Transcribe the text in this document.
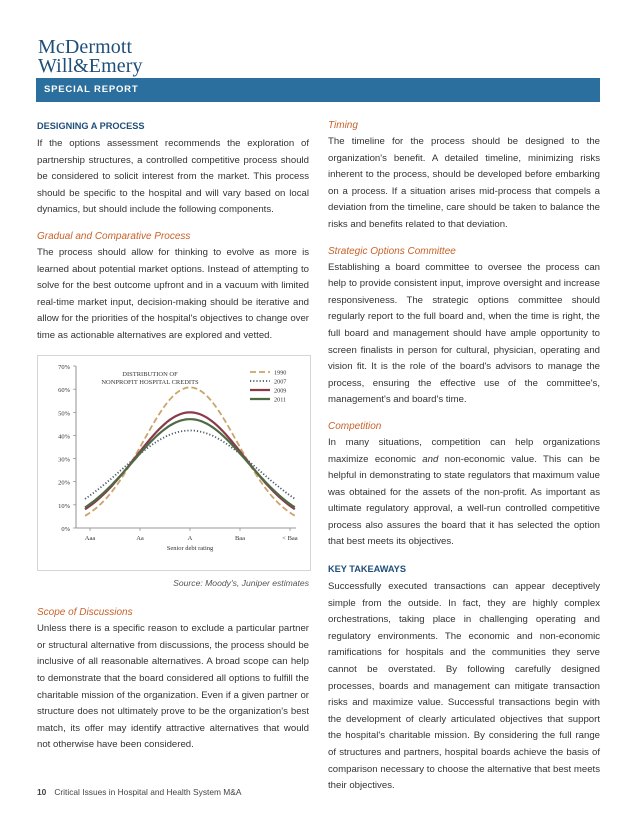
McDermott
Will&Emery
SPECIAL REPORT
DESIGNING A PROCESS

If the options assessment recommends the exploration of partnership structures, a controlled competitive process should be considered to solicit interest from the market. This process should be specific to the hospital and will vary based on local dynamics, but should include the following components.

Gradual and Comparative Process

The process should allow for thinking to evolve as more is learned about potential market options. Instead of attempting to solve for the best outcome upfront and in a vacuum with limited real-time market input, decision-making should be iterative and allow for the priorities of the hospital's objectives to change over time as actionable alternatives are explored and vetted.

0%
10%
20%
30%
40%
50%
60%
70%
Aaa	Aa	A	Baa	< Baa
Senior debt rating
DISTRIBUTION OF
NONPROFIT HOSPITAL CREDITS
1990
2007
2009
2011
Source: Moody's, Juniper estimates
Scope of Discussions

Unless there is a specific reason to exclude a particular partner or structural alternative from discussions, the process should be inclusive of all reasonable alternatives. A broad scope can help to demonstrate that the board considered all options to fulfill the charitable mission of the organization. Even if a given partner or structure does not ultimately prove to be the organization's best match, its offer may identify attractive alternatives that would not otherwise have been considered.

Timing

The timeline for the process should be designed to the organization's benefit. A detailed timeline, minimizing risks inherent to the process, should be developed before embarking on a process. If a situation arises mid-process that compels a deviation from the timeline, care should be taken to balance the risks and benefits related to that deviation.

Strategic Options Committee

Establishing a board committee to oversee the process can help to provide consistent input, improve oversight and increase responsiveness. The strategic options committee should regularly report to the full board and, when the time is right, the full board and management should have ample opportunity to screen finalists in person for cultural, physician, operating and vision fit. It is the role of the board's advisors to manage the process, ensuring the effective use of the committee's, management's and board's time.

Competition

In many situations, competition can help organizations maximize economic and non-economic value. This can be helpful in demonstrating to state regulators that maximum value was obtained for the assets of the non-profit. As important as ultimate regulatory approval, a well-run controlled competitive process also assures the board that it has selected the option that best meets its objectives.

KEY TAKEAWAYS

Successfully executed transactions can appear deceptively simple from the outside. In fact, they are highly complex orchestrations, taking place in challenging operating and regulatory environments. The economic and non-economic ramifications for hospitals and the communities they serve cannot be overstated. By following carefully designed processes, boards and management can mitigate transaction risks and maximize value. Successful transactions begin with the development of clearly articulated objectives that support the hospital's charitable mission. By considering the full range of structures and partners, hospital boards achieve the basis of comparison necessary to choose the alternative that best meets their objectives.

10 Critical Issues in Hospital and Health System M&A
